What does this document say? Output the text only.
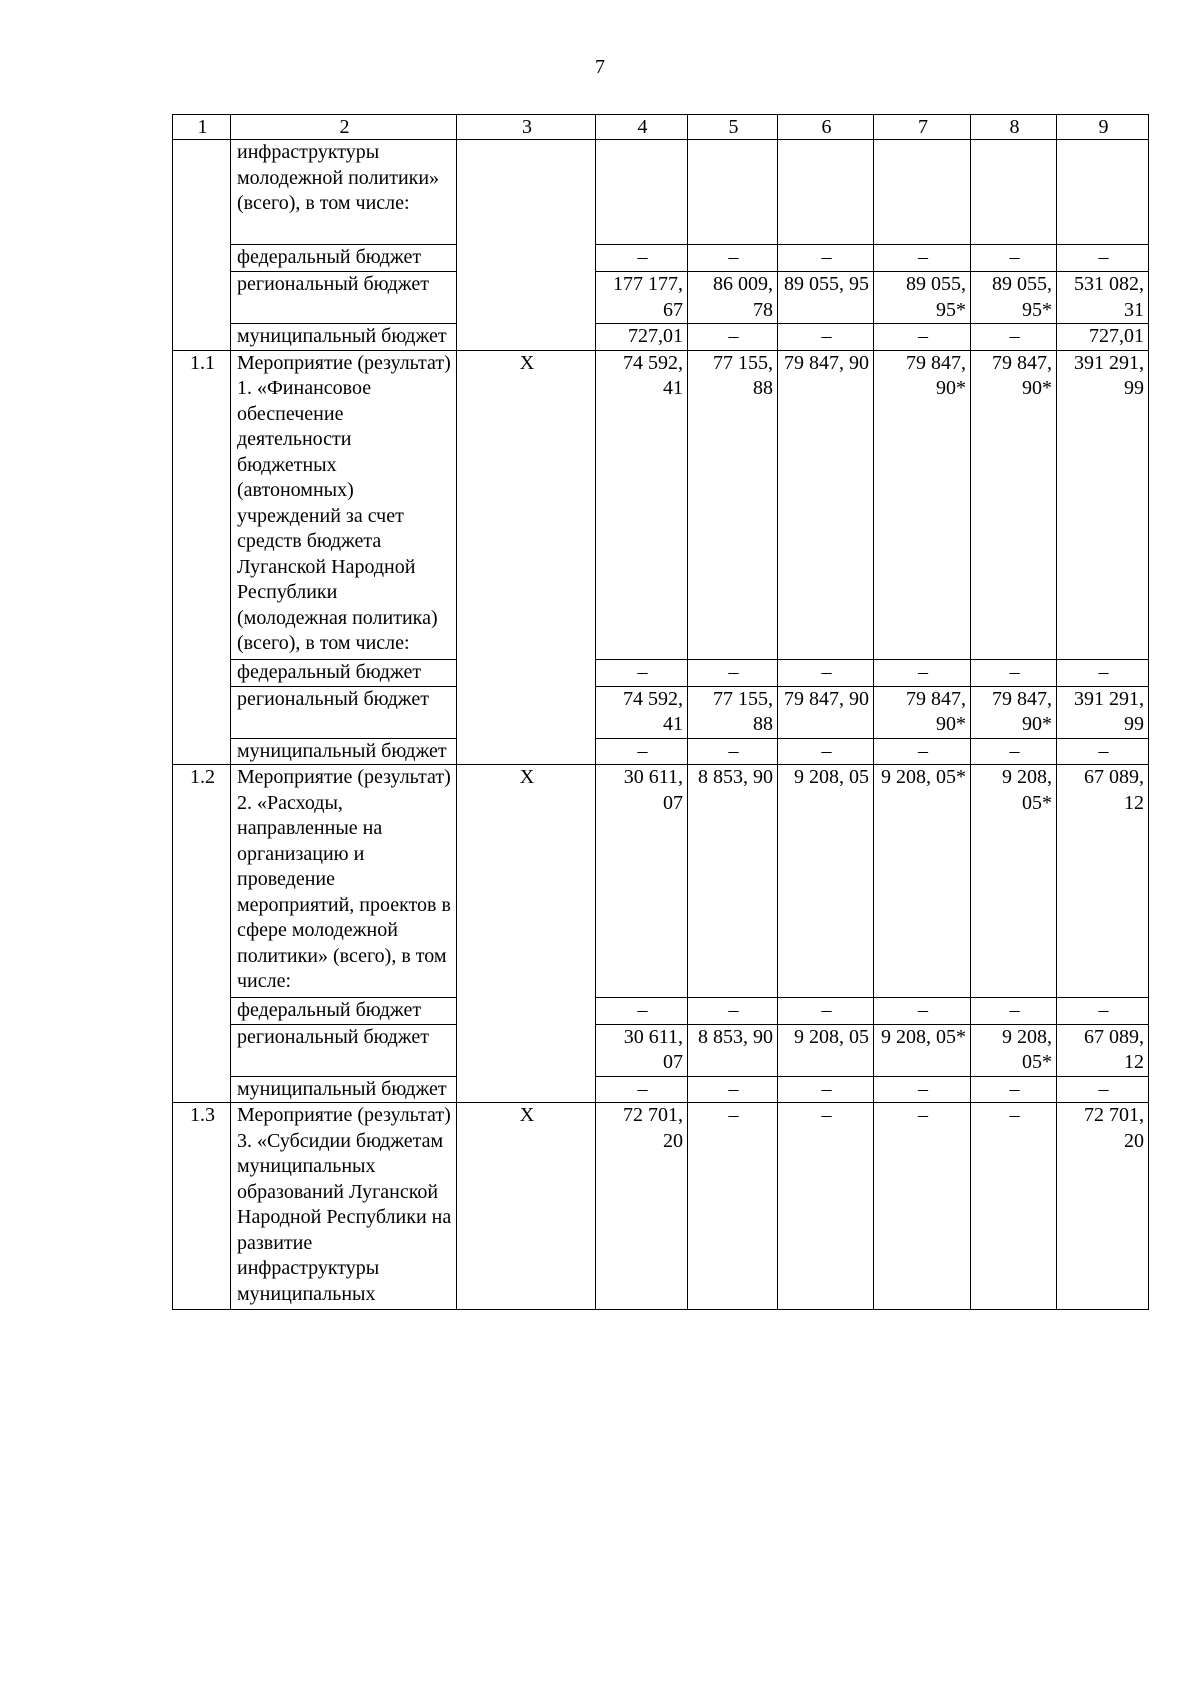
7
1	2	3	4	5	6	7	8	9
	инфраструктуры молодежной политики» (всего), в том числе:							
	федеральный бюджет		–	–	–	–	–	–
	региональный бюджет		177 177, 67	86 009, 78	89 055, 95	89 055, 95*	89 055, 95*	531 082, 31
	муниципальный бюджет		727,01	–	–	–	–	727,01
1.1	Мероприятие (результат) 1. «Финансовое обеспечение деятельности бюджетных (автономных) учреждений за счет средств бюджета Луганской Народной Республики (молодежная политика) (всего), в том числе:	X	74 592, 41	77 155, 88	79 847, 90	79 847, 90*	79 847, 90*	391 291, 99
	федеральный бюджет		–	–	–	–	–	–
	региональный бюджет		74 592, 41	77 155, 88	79 847, 90	79 847, 90*	79 847, 90*	391 291, 99
	муниципальный бюджет		–	–	–	–	–	–
1.2	Мероприятие (результат) 2. «Расходы, направленные на организацию и проведение мероприятий, проектов в сфере молодежной политики» (всего), в том числе:	X	30 611, 07	8 853, 90	9 208, 05	9 208, 05*	9 208, 05*	67 089, 12
	федеральный бюджет		–	–	–	–	–	–
	региональный бюджет		30 611, 07	8 853, 90	9 208, 05	9 208, 05*	9 208, 05*	67 089, 12
	муниципальный бюджет		–	–	–	–	–	–
1.3	Мероприятие (результат) 3. «Субсидии бюджетам муниципальных образований Луганской Народной Республики на развитие инфраструктуры муниципальных	X	72 701, 20	–	–	–	–	72 701, 20
